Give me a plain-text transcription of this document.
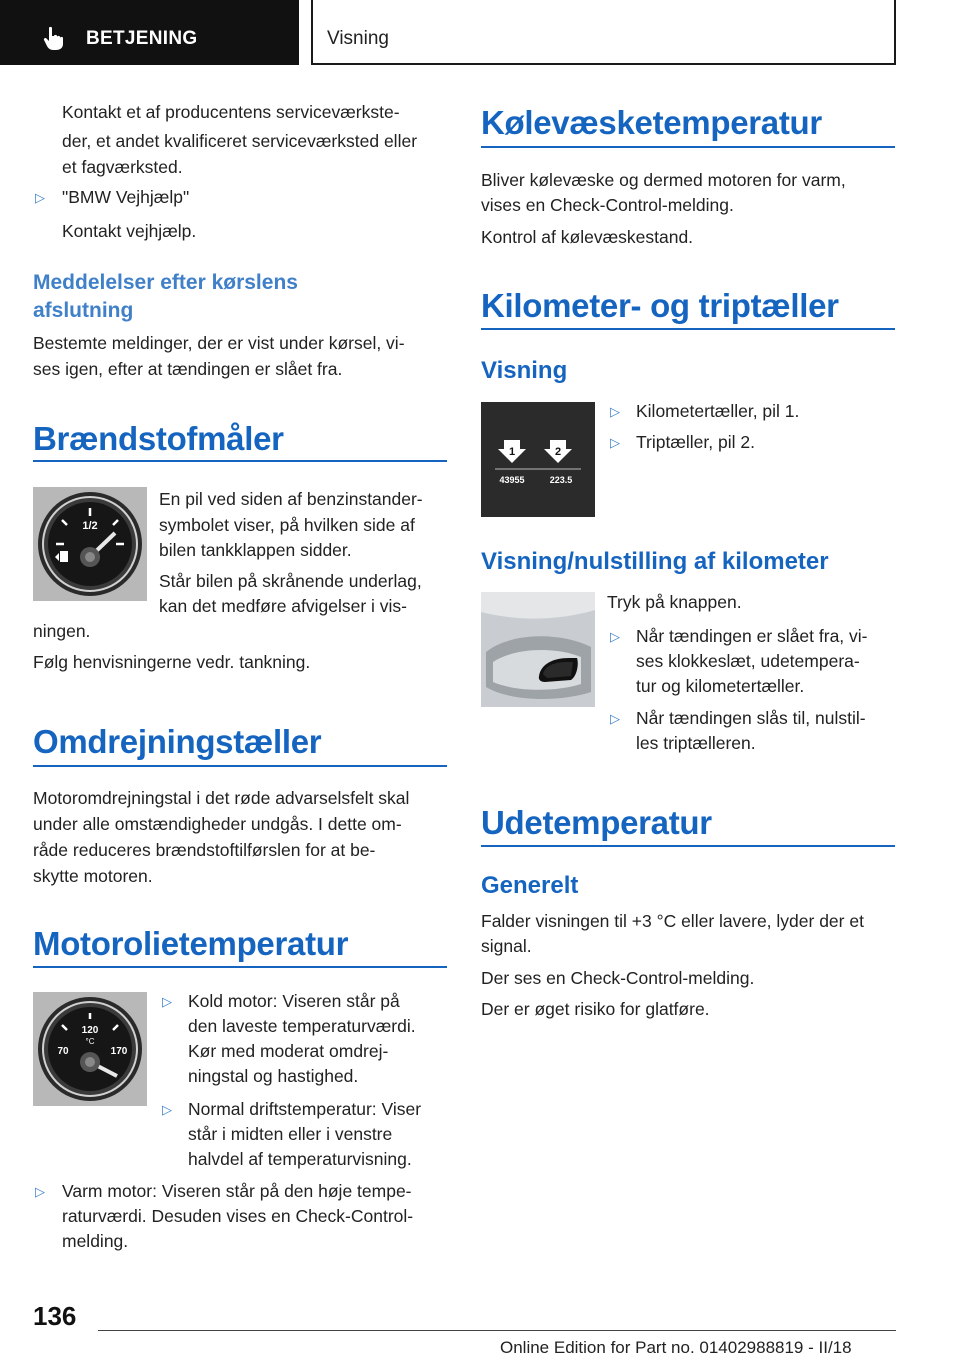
BETJENING	Visning
Kontakt et af producentens serviceværkste-
der, et andet kvalificeret serviceværksted eller
et fagværksted.
▷ "BMW Vejhjælp"
Kontakt vejhjælp.
Meddelelser efter kørslens
afslutning
Bestemte meldinger, der er vist under kørsel, vi-
ses igen, efter at tændingen er slået fra.
Brændstofmåler
1/2
En pil ved siden af benzinstander-
symbolet viser, på hvilken side af
bilen tankklappen sidder.
Står bilen på skrånende underlag,
kan det medføre afvigelser i vis-
ningen.
Følg henvisningerne vedr. tankning.
Omdrejningstæller
Motoromdrejningstal i det røde advarselsfelt skal
under alle omstændigheder undgås. I dette om-
råde reduceres brændstoftilførslen for at be-
skytte motoren.
Motorolietemperatur
120
°C
70	170
▷ Kold motor: Viseren står på
den laveste temperaturværdi.
Kør med moderat omdrej-
ningstal og hastighed.
▷ Normal driftstemperatur: Viser
står i midten eller i venstre
halvdel af temperaturvisning.
▷ Varm motor: Viseren står på den høje tempe-
raturværdi. Desuden vises en Check-Control-
melding.
Kølevæsketemperatur
Bliver kølevæske og dermed motoren for varm,
vises en Check-Control-melding.
Kontrol af kølevæskestand.
Kilometer- og triptæller
Visning
1	2
43955	223.5
▷ Kilometertæller, pil 1.
▷ Triptæller, pil 2.
Visning/nulstilling af kilometer
Tryk på knappen.
▷ Når tændingen er slået fra, vi-
ses klokkeslæt, udetempera-
tur og kilometertæller.
▷ Når tændingen slås til, nulstil-
les triptælleren.
Udetemperatur
Generelt
Falder visningen til +3 °C eller lavere, lyder der et
signal.
Der ses en Check-Control-melding.
Der er øget risiko for glatføre.
136
Online Edition for Part no. 01402988819 - II/18
